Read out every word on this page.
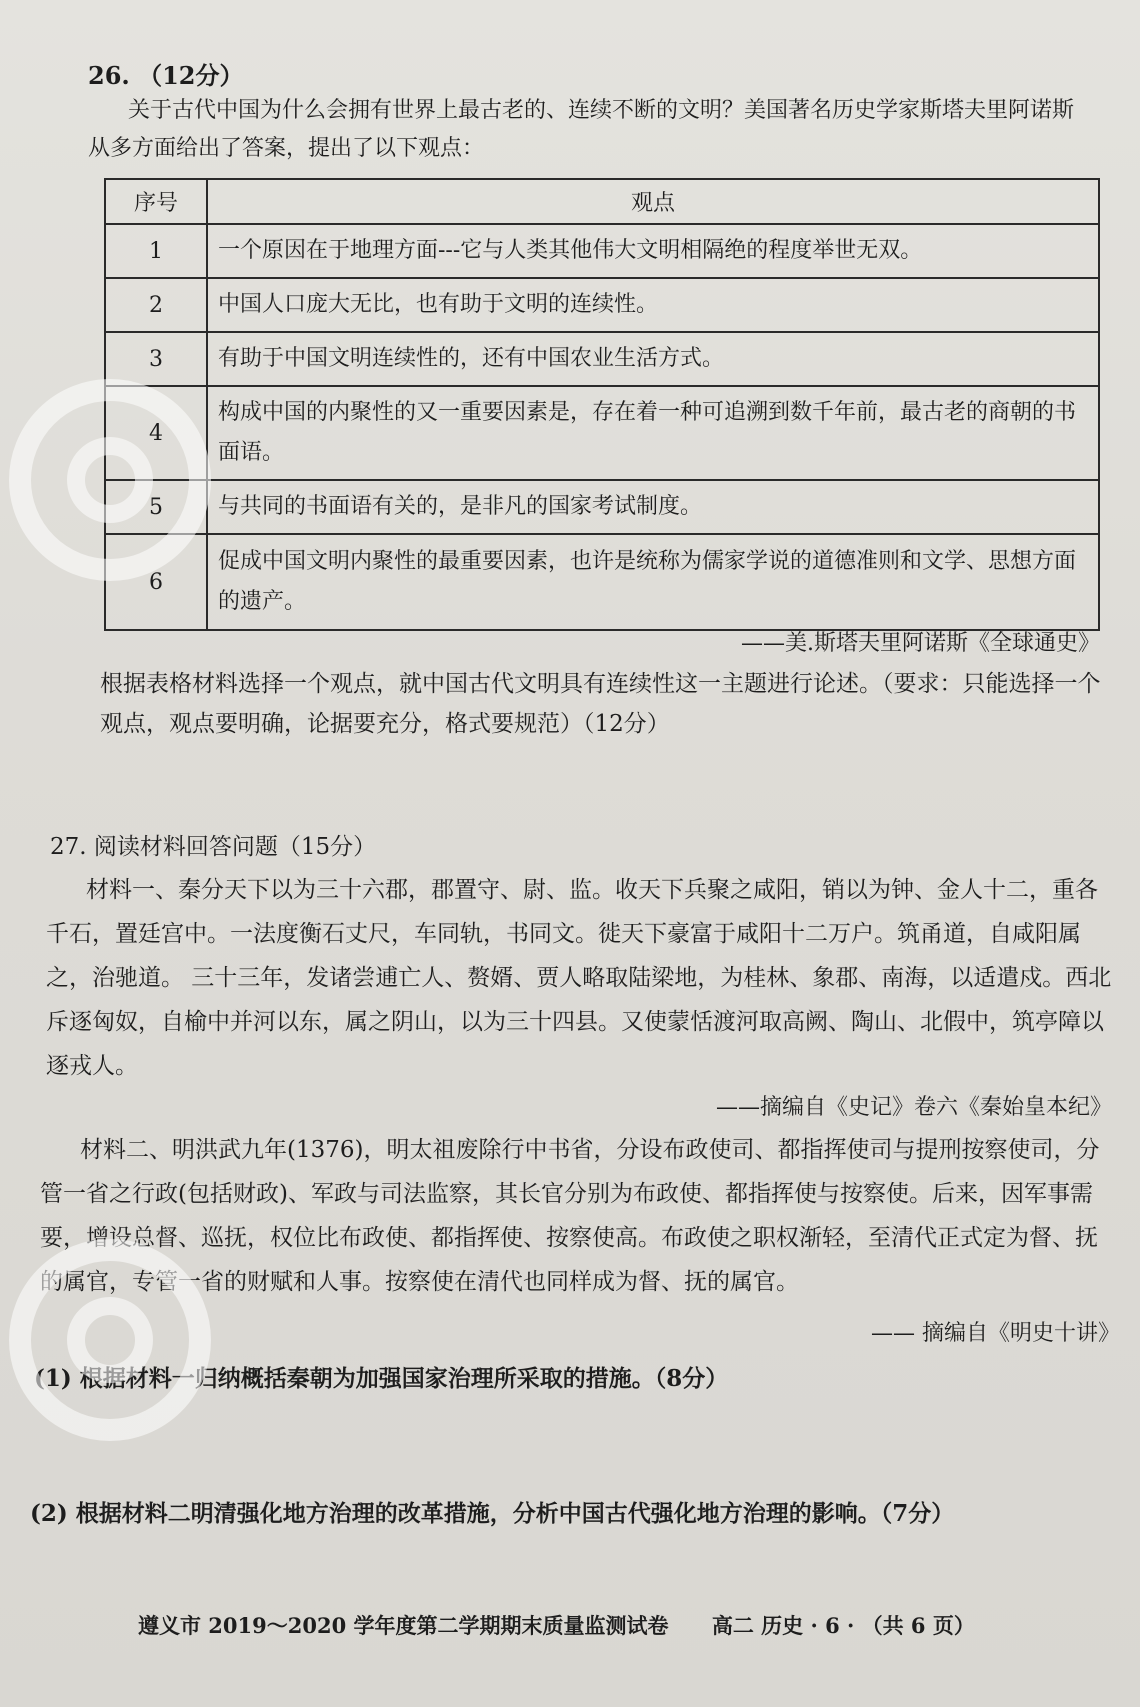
26. （12分）
关于古代中国为什么会拥有世界上最古老的、连续不断的文明？美国著名历史学家斯塔夫里阿诺斯从多方面给出了答案，提出了以下观点：
序号	观点
1	一个原因在于地理方面---它与人类其他伟大文明相隔绝的程度举世无双。
2	中国人口庞大无比，也有助于文明的连续性。
3	有助于中国文明连续性的，还有中国农业生活方式。
4	构成中国的内聚性的又一重要因素是，存在着一种可追溯到数千年前，最古老的商朝的书面语。
5	与共同的书面语有关的，是非凡的国家考试制度。
6	促成中国文明内聚性的最重要因素，也许是统称为儒家学说的道德准则和文学、思想方面的遗产。
——美.斯塔夫里阿诺斯《全球通史》
根据表格材料选择一个观点，就中国古代文明具有连续性这一主题进行论述。（要求：只能选择一个观点，观点要明确，论据要充分，格式要规范）（12分）
27. 阅读材料回答问题（15分）
材料一、秦分天下以为三十六郡，郡置守、尉、监。收天下兵聚之咸阳，销以为钟、金人十二，重各千石，置廷宫中。一法度衡石丈尺，车同轨，书同文。徙天下豪富于咸阳十二万户。筑甬道，自咸阳属之，治驰道。 三十三年，发诸尝逋亡人、赘婿、贾人略取陆梁地，为桂林、象郡、南海，以适遣戍。西北斥逐匈奴，自榆中并河以东，属之阴山，以为三十四县。又使蒙恬渡河取高阙、陶山、北假中，筑亭障以逐戎人。
——摘编自《史记》卷六《秦始皇本纪》
材料二、明洪武九年(1376)，明太祖废除行中书省，分设布政使司、都指挥使司与提刑按察使司，分管一省之行政(包括财政)、军政与司法监察，其长官分别为布政使、都指挥使与按察使。后来，因军事需要，增设总督、巡抚，权位比布政使、都指挥使、按察使高。布政使之职权渐轻，至清代正式定为督、抚的属官，专管一省的财赋和人事。按察使在清代也同样成为督、抚的属官。
—— 摘编自《明史十讲》
(1) 根据材料一归纳概括秦朝为加强国家治理所采取的措施。（8分）
(2) 根据材料二明清强化地方治理的改革措施，分析中国古代强化地方治理的影响。（7分）
遵义市 2019～2020 学年度第二学期期末质量监测试卷 高二 历史 · 6 · （共 6 页）
